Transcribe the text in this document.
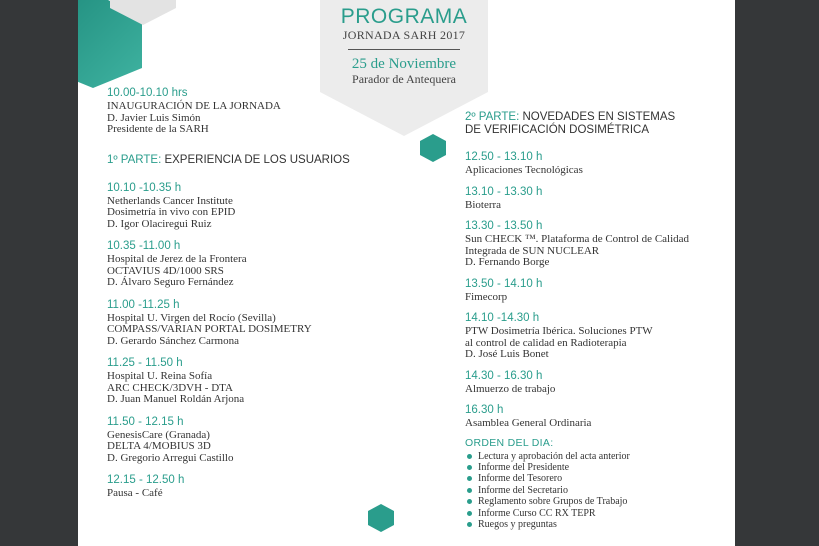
PROGRAMA
JORNADA SARH 2017
25 de Noviembre
Parador de Antequera
10.00-10.10 hrs
INAUGURACIÓN DE LA JORNADA
D. Javier Luis Simón
Presidente de la SARH
1º PARTE: EXPERIENCIA DE LOS USUARIOS
10.10 -10.35 h
Netherlands Cancer Institute
Dosimetría in vivo con EPID
D. Igor Olaciregui Ruiz
10.35 -11.00 h
Hospital de Jerez de la Frontera
OCTAVIUS 4D/1000 SRS
D. Álvaro Seguro Fernández
11.00 -11.25 h
Hospital U. Virgen del Rocío (Sevilla)
COMPASS/VARIAN PORTAL DOSIMETRY
D. Gerardo Sánchez Carmona
11.25 - 11.50 h
Hospital U. Reina Sofía
ARC CHECK/3DVH - DTA
D. Juan Manuel Roldán Arjona
11.50 - 12.15 h
GenesisCare (Granada)
DELTA 4/MOBIUS 3D
D. Gregorio Arregui Castillo
12.15 - 12.50 h
Pausa - Café
2º PARTE: NOVEDADES EN SISTEMAS
DE VERIFICACIÓN DOSIMÉTRICA
12.50 - 13.10 h
Aplicaciones Tecnológicas
13.10 - 13.30 h
Bioterra
13.30 - 13.50 h
Sun CHECK ™. Plataforma de Control de Calidad
Integrada de SUN NUCLEAR
D. Fernando Borge
13.50 - 14.10 h
Fimecorp
14.10 -14.30 h
PTW Dosimetría Ibérica. Soluciones PTW
al control de calidad en Radioterapia
D. José Luis Bonet
14.30 - 16.30 h
Almuerzo de trabajo
16.30 h
Asamblea General Ordinaria
ORDEN DEL DIA:
Lectura y aprobación del acta anterior
Informe del Presidente
Informe del Tesorero
Informe del Secretario
Reglamento sobre Grupos de Trabajo
Informe Curso CC RX TEPR
Ruegos y preguntas
